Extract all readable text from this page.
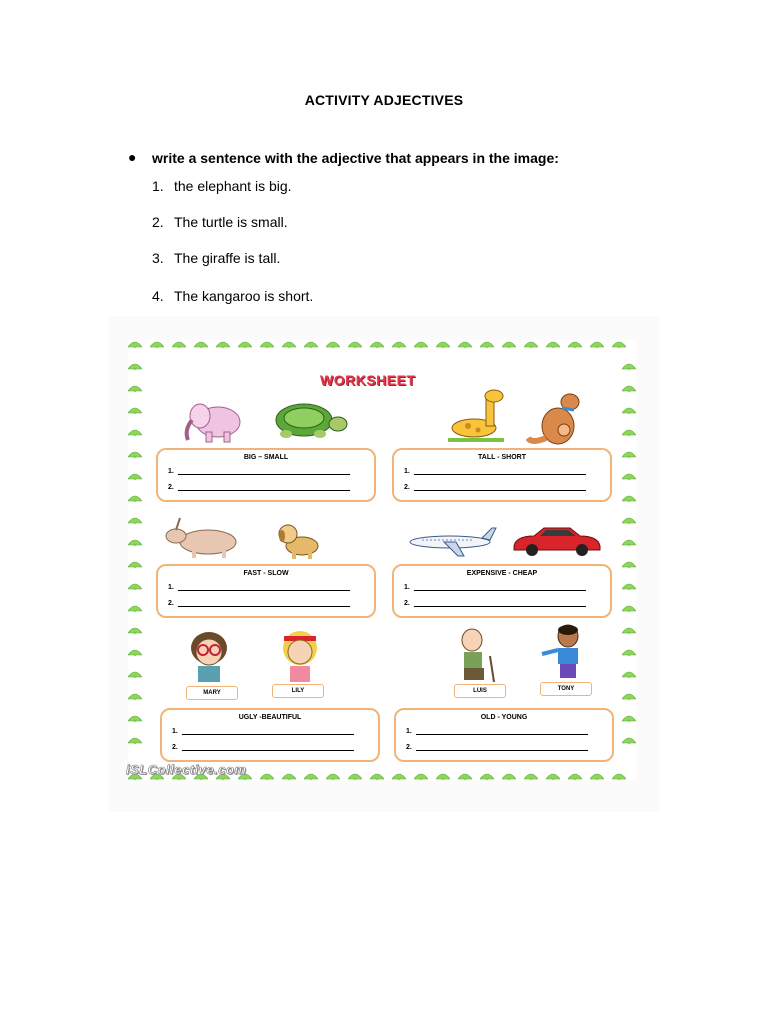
ACTIVITY ADJECTIVES
● write a sentence with the adjective that appears in the image:
1. the elephant is big.
2. The turtle is small.
3. The giraffe is tall.
4. The kangaroo is short.
WORKSHEET
BIG – SMALL
1.
2.
TALL - SHORT
1.
2.
FAST - SLOW
1.
2.
EXPENSIVE - CHEAP
1.
2.
MARY	LILY	LUIS	TONY
UGLY -BEAUTIFUL
1.
2.
OLD - YOUNG
1.
2.
iSLCollective.com
